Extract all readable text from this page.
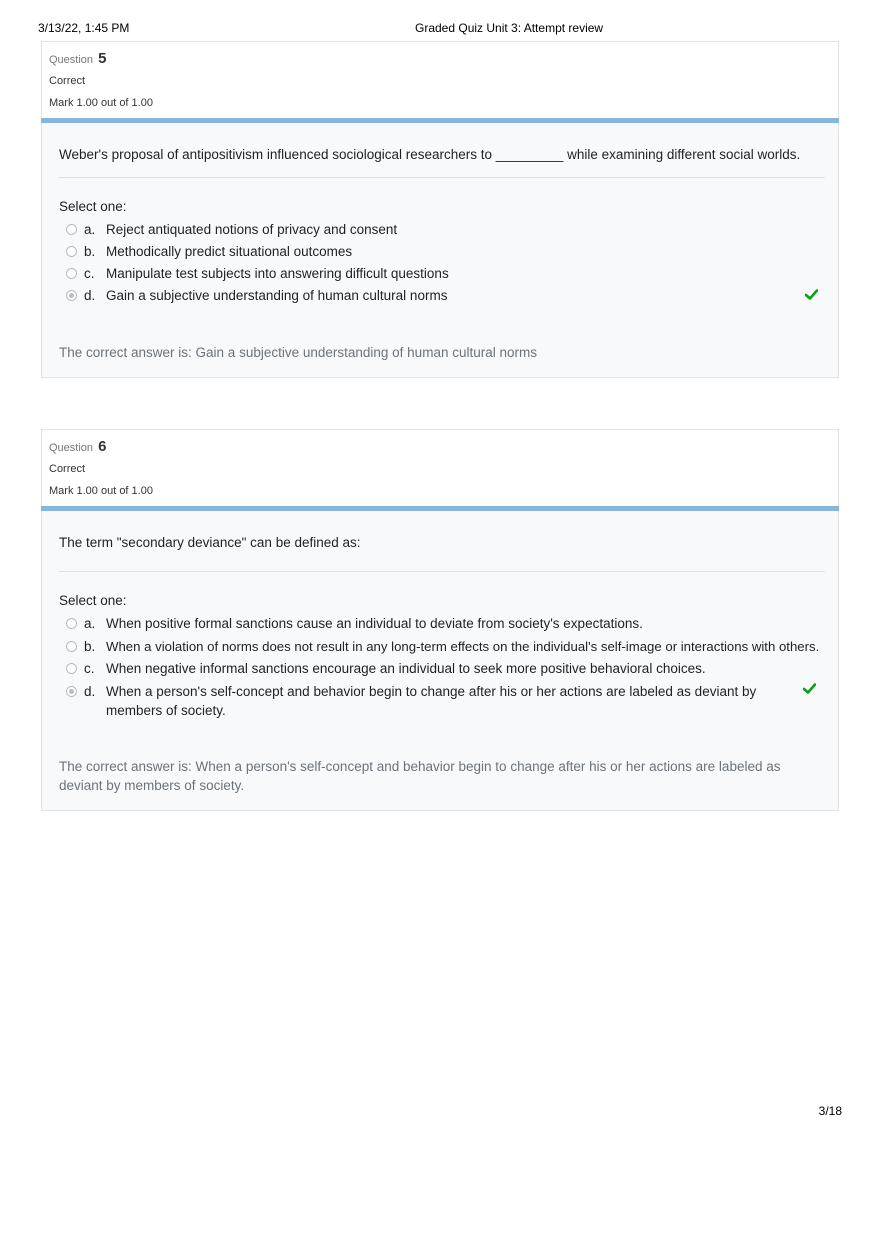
3/13/22, 1:45 PM	Graded Quiz Unit 3: Attempt review
Question 5
Correct
Mark 1.00 out of 1.00
Weber's proposal of antipositivism influenced sociological researchers to _________ while examining different social worlds.
Select one:
a. Reject antiquated notions of privacy and consent
b. Methodically predict situational outcomes
c. Manipulate test subjects into answering difficult questions
d. Gain a subjective understanding of human cultural norms
The correct answer is: Gain a subjective understanding of human cultural norms
Question 6
Correct
Mark 1.00 out of 1.00
The term "secondary deviance" can be defined as:
Select one:
a. When positive formal sanctions cause an individual to deviate from society's expectations.
b. When a violation of norms does not result in any long-term effects on the individual's self-image or interactions with others.
c. When negative informal sanctions encourage an individual to seek more positive behavioral choices.
d. When a person's self-concept and behavior begin to change after his or her actions are labeled as deviant by members of society.
The correct answer is: When a person's self-concept and behavior begin to change after his or her actions are labeled as deviant by members of society.
3/18
